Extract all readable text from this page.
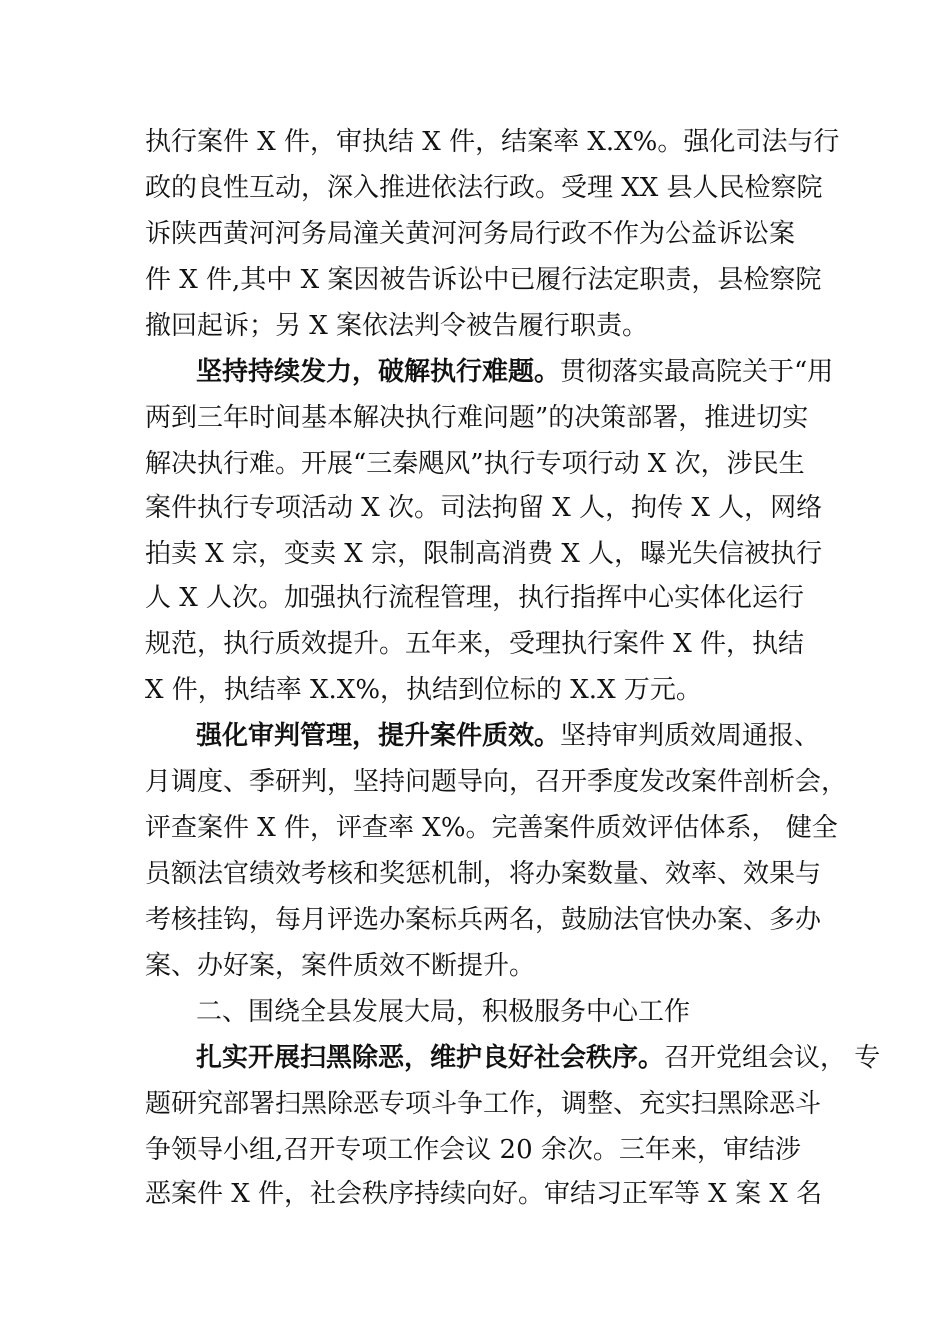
执行案件 X 件，审执结 X 件，结案率 X.X%。强化司法与行
政的良性互动，深入推进依法行政。受理 XX 县人民检察院
诉陕西黄河河务局潼关黄河河务局行政不作为公益诉讼案
件 X 件,其中 X 案因被告诉讼中已履行法定职责，县检察院
撤回起诉；另 X 案依法判令被告履行职责。
坚持持续发力，破解执行难题。贯彻落实最高院关于“用
两到三年时间基本解决执行难问题”的决策部署，推进切实
解决执行难。开展“三秦飓风”执行专项行动 X 次，涉民生
案件执行专项活动 X 次。司法拘留 X 人，拘传 X 人，网络
拍卖 X 宗，变卖 X 宗，限制高消费 X 人，曝光失信被执行
人 X 人次。加强执行流程管理，执行指挥中心实体化运行
规范，执行质效提升。五年来，受理执行案件 X 件，执结
X 件，执结率 X.X%，执结到位标的 X.X 万元。
强化审判管理，提升案件质效。坚持审判质效周通报、
月调度、季研判，坚持问题导向，召开季度发改案件剖析会，
评查案件 X 件，评查率 X%。完善案件质效评估体系， 健全
员额法官绩效考核和奖惩机制，将办案数量、效率、效果与
考核挂钩，每月评选办案标兵两名，鼓励法官快办案、多办
案、办好案，案件质效不断提升。
二、围绕全县发展大局，积极服务中心工作
扎实开展扫黑除恶，维护良好社会秩序。召开党组会议， 专
题研究部署扫黑除恶专项斗争工作，调整、充实扫黑除恶斗
争领导小组,召开专项工作会议 20 余次。三年来，审结涉
恶案件 X 件，社会秩序持续向好。审结习正军等 X 案 X 名
